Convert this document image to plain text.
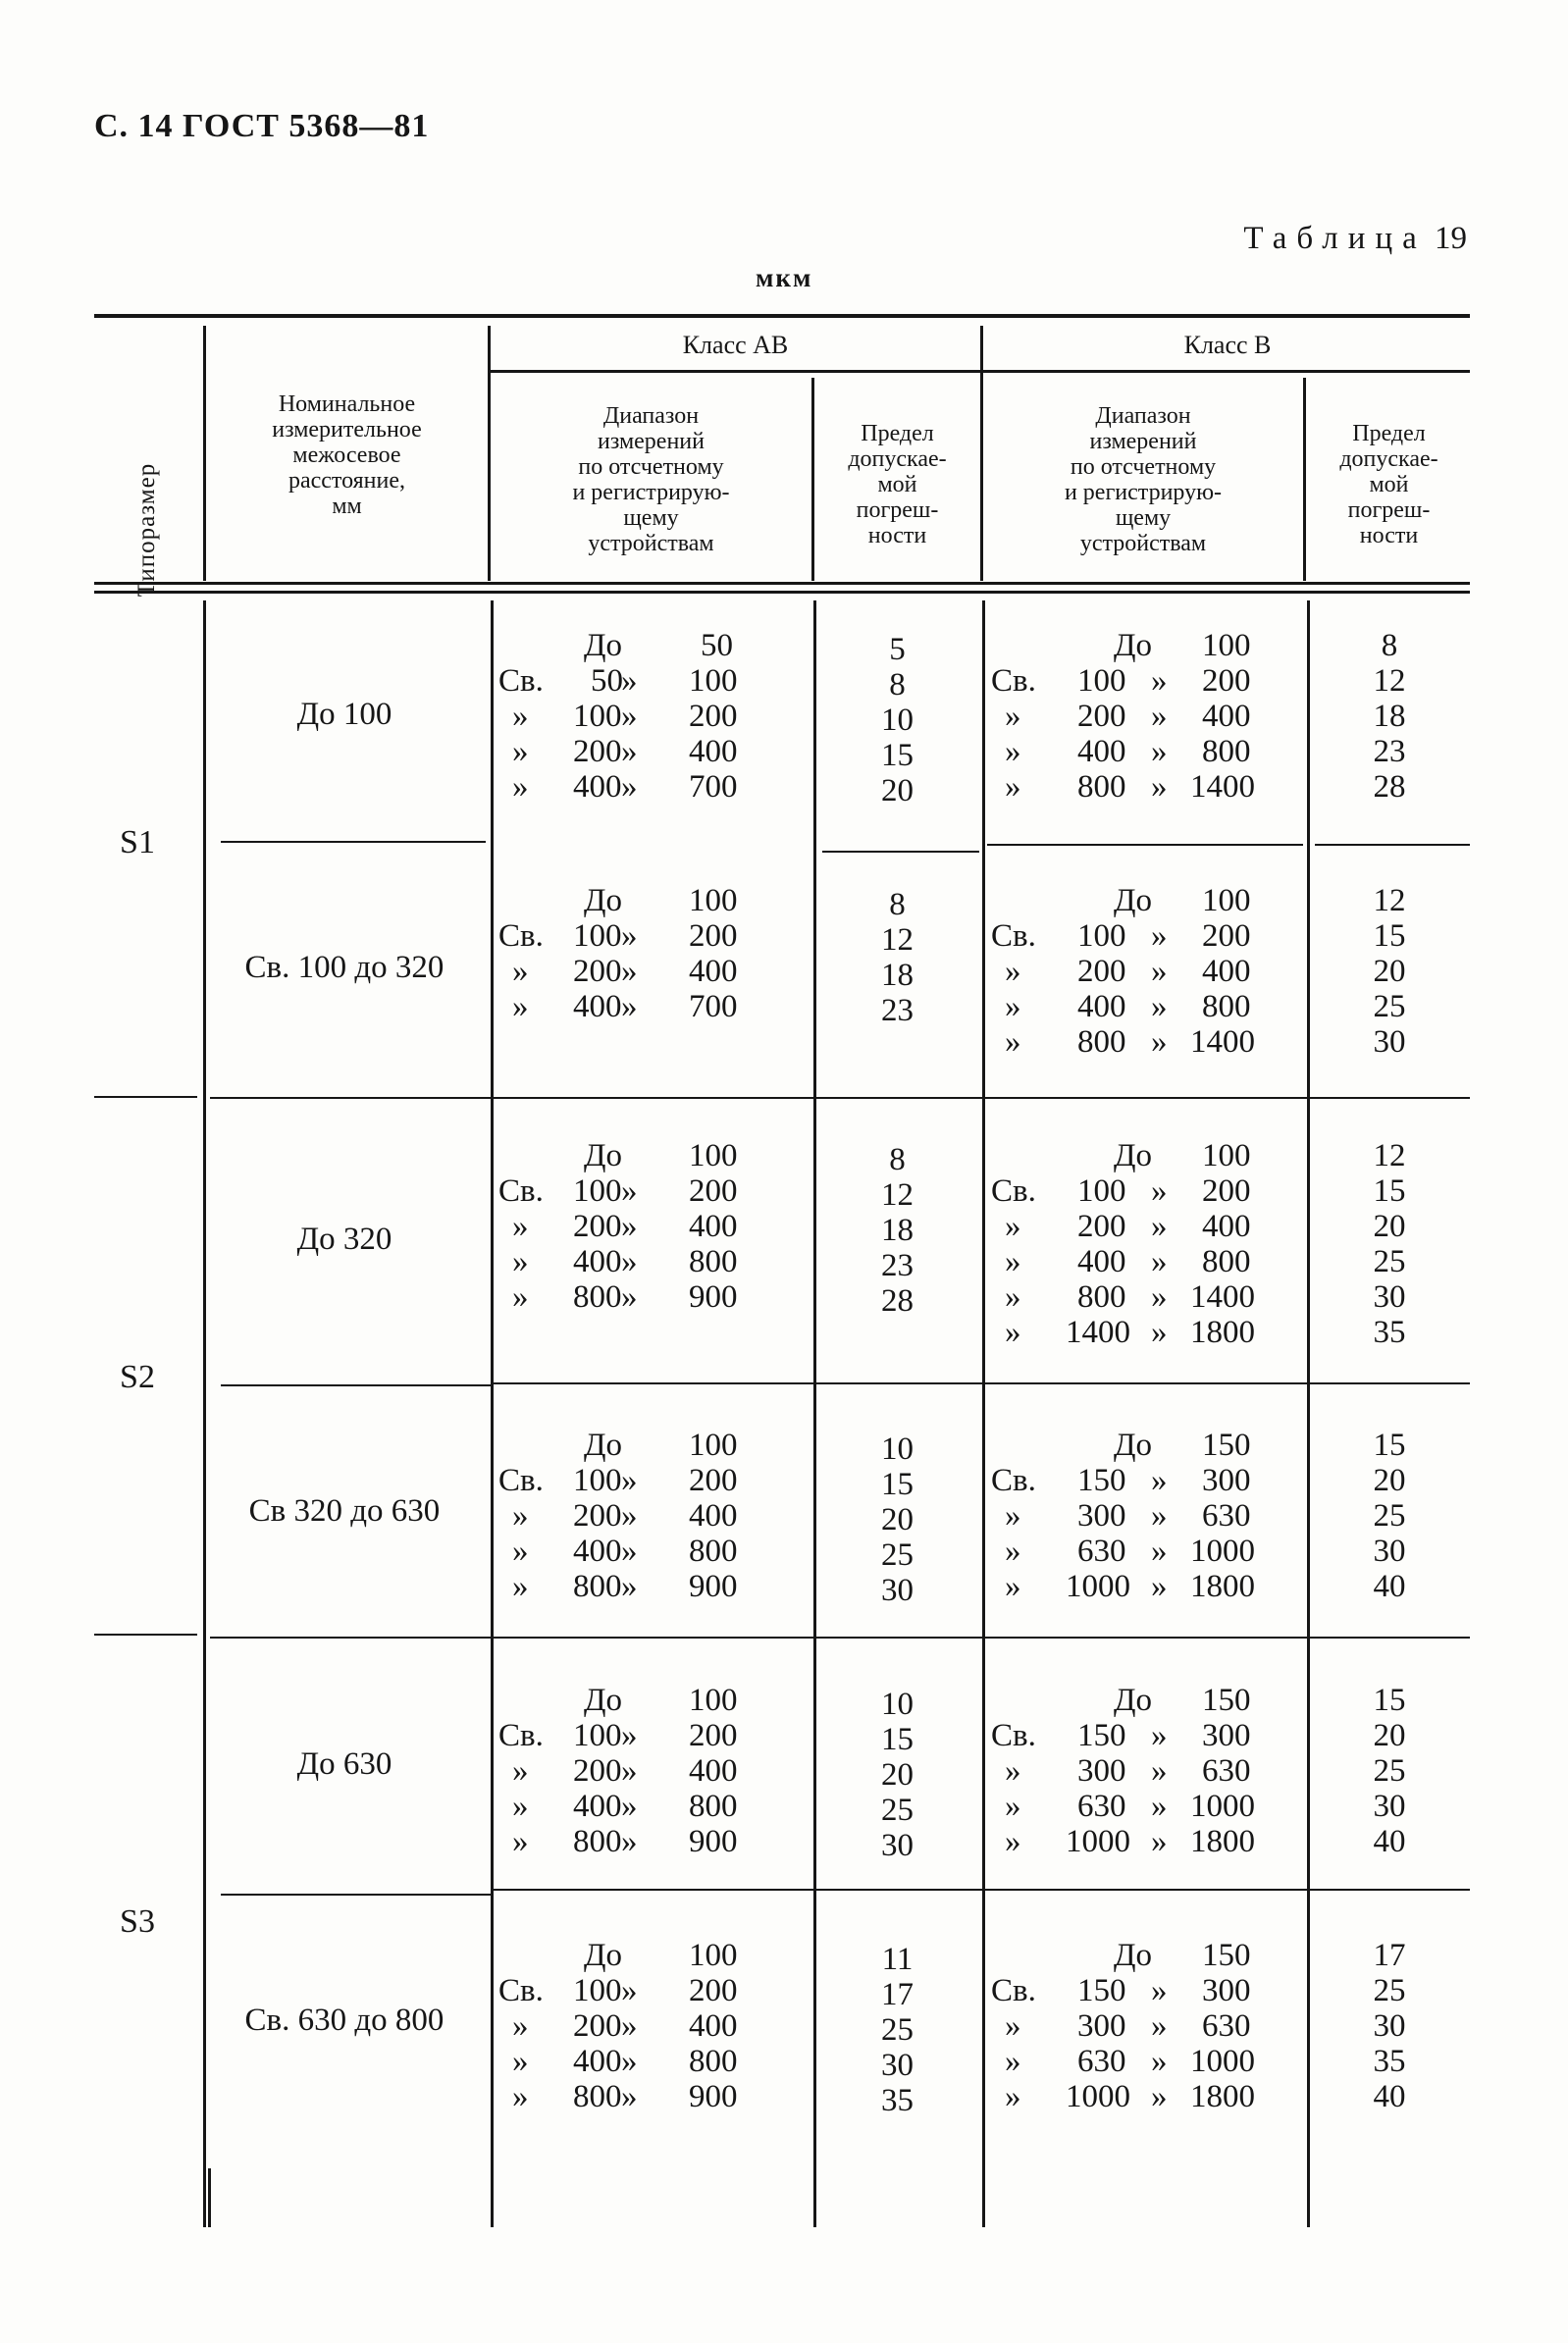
С. 14 ГОСТ 5368—81
Таблица 19
мкм
Типоразмер
Номинальное
измерительное
межосевое
расстояние,
мм
Класс АВ	Класс В
Диапазон
измерений
по отсчетному
и регистрирую-
щему
устройствам
Предел
допускае-
мой
погреш-
ности
Диапазон
измерений
по отсчетному
и регистрирую-
щему
устройствам
Предел
допускае-
мой
погреш-
ности
S1
До 100
До 50
Св. 50
» 100
» 100 » 200
» 200 » 400
» 400 » 700
5
8
10
15
20
До 100
Св. 100 » 200
» 200 » 400
» 400 » 800
» 800 » 1400
8
12
18
23
28
Св. 100 до 320
До 100
Св. 100 » 200
» 200 » 400
» 400 » 700
8
12
18
23
До 100
Св. 100 » 200
» 200 » 400
» 400 » 800
» 800 » 1400
12
15
20
25
30
S2
До 320
До 100
Св. 100 » 200
» 200 » 400
» 400 » 800
» 800 » 900
8
12
18
23
28
До 100
Св. 100 » 200
» 200 » 400
» 400 » 800
» 800 » 1400
» 1400 » 1800
12
15
20
25
30
35
Св 320 до 630
До 100
Св. 100 » 200
» 200 » 400
» 400 » 800
» 800 » 900
10
15
20
25
30
До 150
Св. 150 » 300
» 300 » 630
» 630 » 1000
» 1000 » 1800
15
20
25
30
40
S3
До 630
До 100
Св. 100 » 200
» 200 » 400
» 400 » 800
» 800 » 900
10
15
20
25
30
До 150
Св. 150 » 300
» 300 » 630
» 630 » 1000
» 1000 » 1800
15
20
25
30
40
Св. 630 до 800
До 100
Св. 100 » 200
» 200 » 400
» 400 » 800
» 800 » 900
11
17
25
30
35
До 150
Св. 150 » 300
» 300 » 630
» 630 » 1000
» 1000 » 1800
17
25
30
35
40
